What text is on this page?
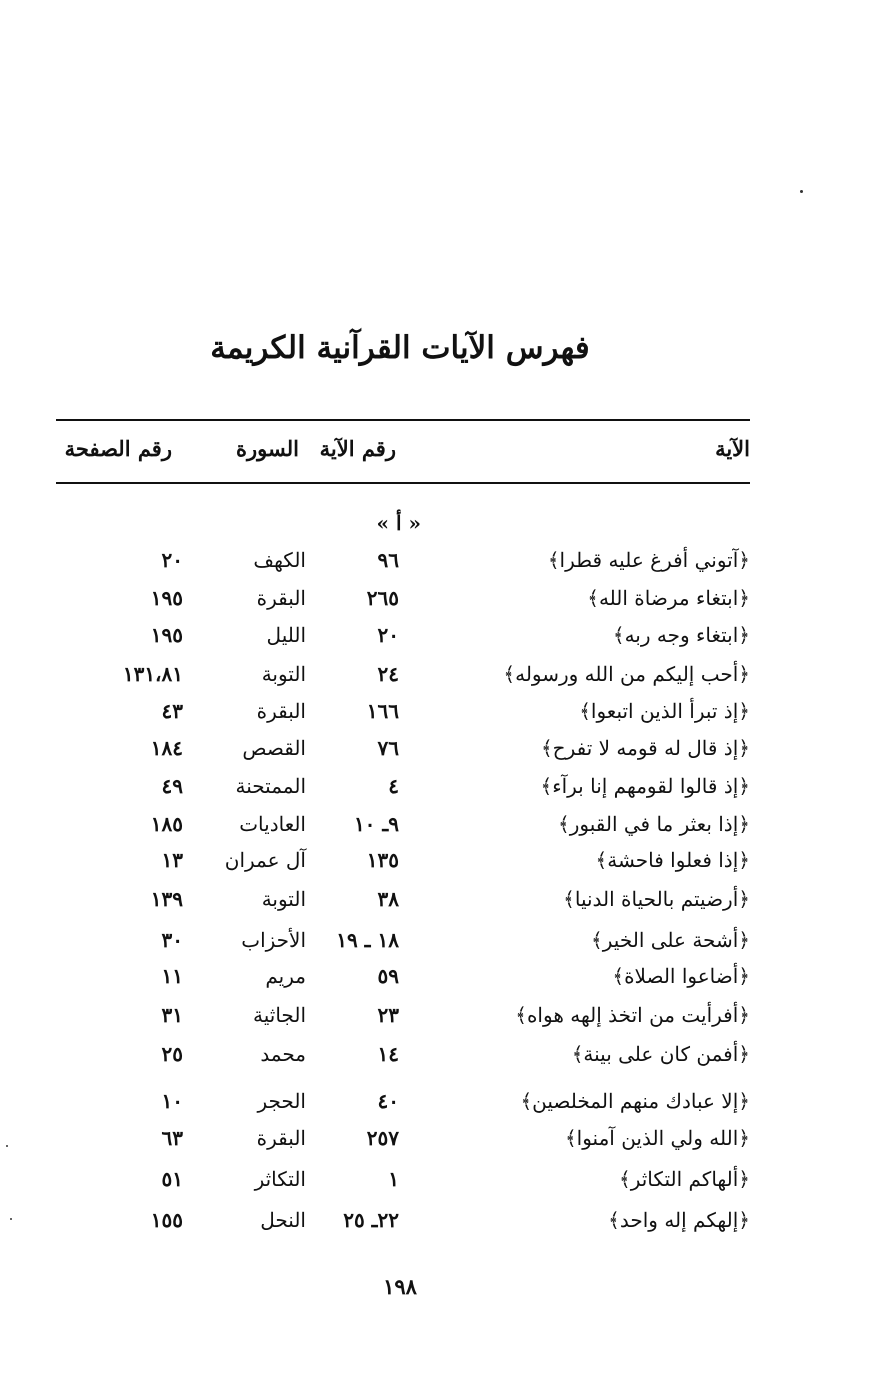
فهرس الآيات القرآنية الكريمة
الآية
رقم الآية
السورة
رقم الصفحة
« أ »
﴿آتوني أفرغ عليه قطرا﴾
٩٦
الكهف
٢٠
﴿ابتغاء مرضاة الله﴾
٢٦٥
البقرة
١٩٥
﴿ابتغاء وجه ربه﴾
٢٠
الليل
١٩٥
﴿أحب إليكم من الله ورسوله﴾
٢٤
التوبة
١٣١،٨١
﴿إذ تبرأ الذين اتبعوا﴾
١٦٦
البقرة
٤٣
﴿إذ قال له قومه لا تفرح﴾
٧٦
القصص
١٨٤
﴿إذ قالوا لقومهم إنا برآء﴾
٤
الممتحنة
٤٩
﴿إذا بعثر ما في القبور﴾
٩ـ ١٠
العاديات
١٨٥
﴿إذا فعلوا فاحشة﴾
١٣٥
آل عمران
١٣
﴿أرضيتم بالحياة الدنيا﴾
٣٨
التوبة
١٣٩
﴿أشحة على الخير﴾
١٨ ـ ١٩
الأحزاب
٣٠
﴿أضاعوا الصلاة﴾
٥٩
مريم
١١
﴿أفرأيت من اتخذ إلهه هواه﴾
٢٣
الجاثية
٣١
﴿أفمن كان على بينة﴾
١٤
محمد
٢٥
﴿إلا عبادك منهم المخلصين﴾
٤٠
الحجر
١٠
﴿الله ولي الذين آمنوا﴾
٢٥٧
البقرة
٦٣
﴿ألهاكم التكاثر﴾
١
التكاثر
٥١
﴿إلهكم إله واحد﴾
٢٢ـ ٢٥
النحل
١٥٥
١٩٨
